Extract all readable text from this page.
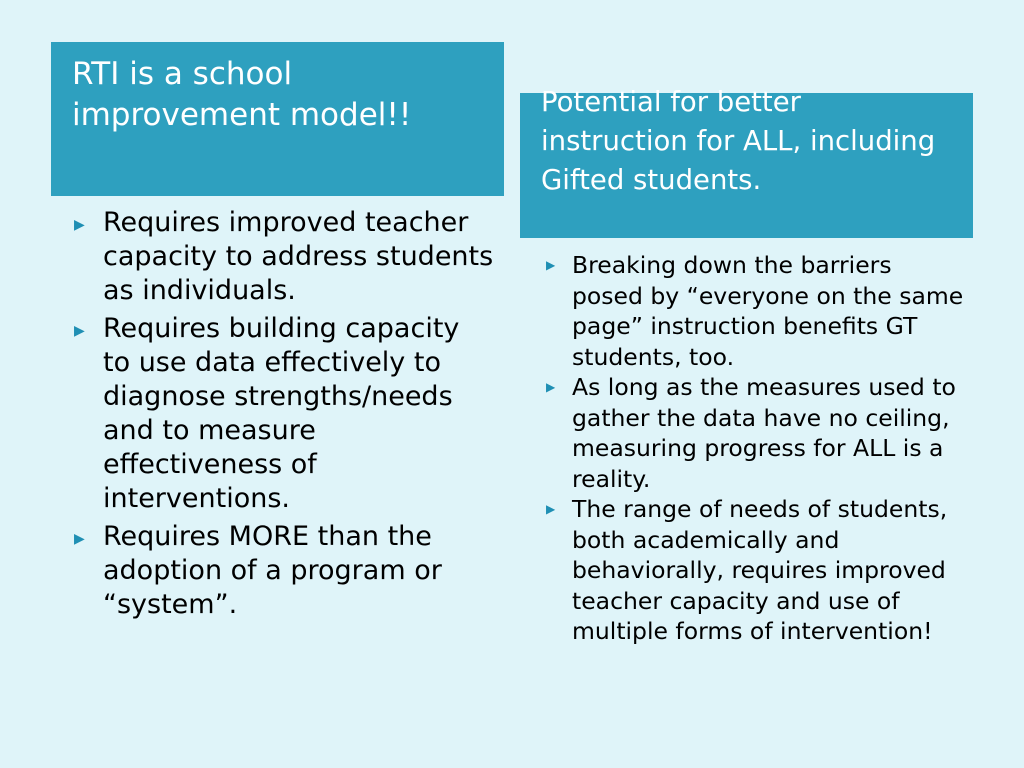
RTI is a school improvement model!!
▶ Requires improved teacher capacity to address students as individuals.
▶ Requires building capacity to use data effectively to diagnose strengths/needs and to measure effectiveness of interventions.
▶ Requires MORE than the adoption of a program or “system”.
Potential for better instruction for ALL, including Gifted students.
▶ Breaking down the barriers posed by “everyone on the same page” instruction benefits GT students, too.
▶ As long as the measures used to gather the data have no ceiling, measuring progress for ALL is a reality.
▶ The range of needs of students, both academically and behaviorally, requires improved teacher capacity and use of multiple forms of intervention!
